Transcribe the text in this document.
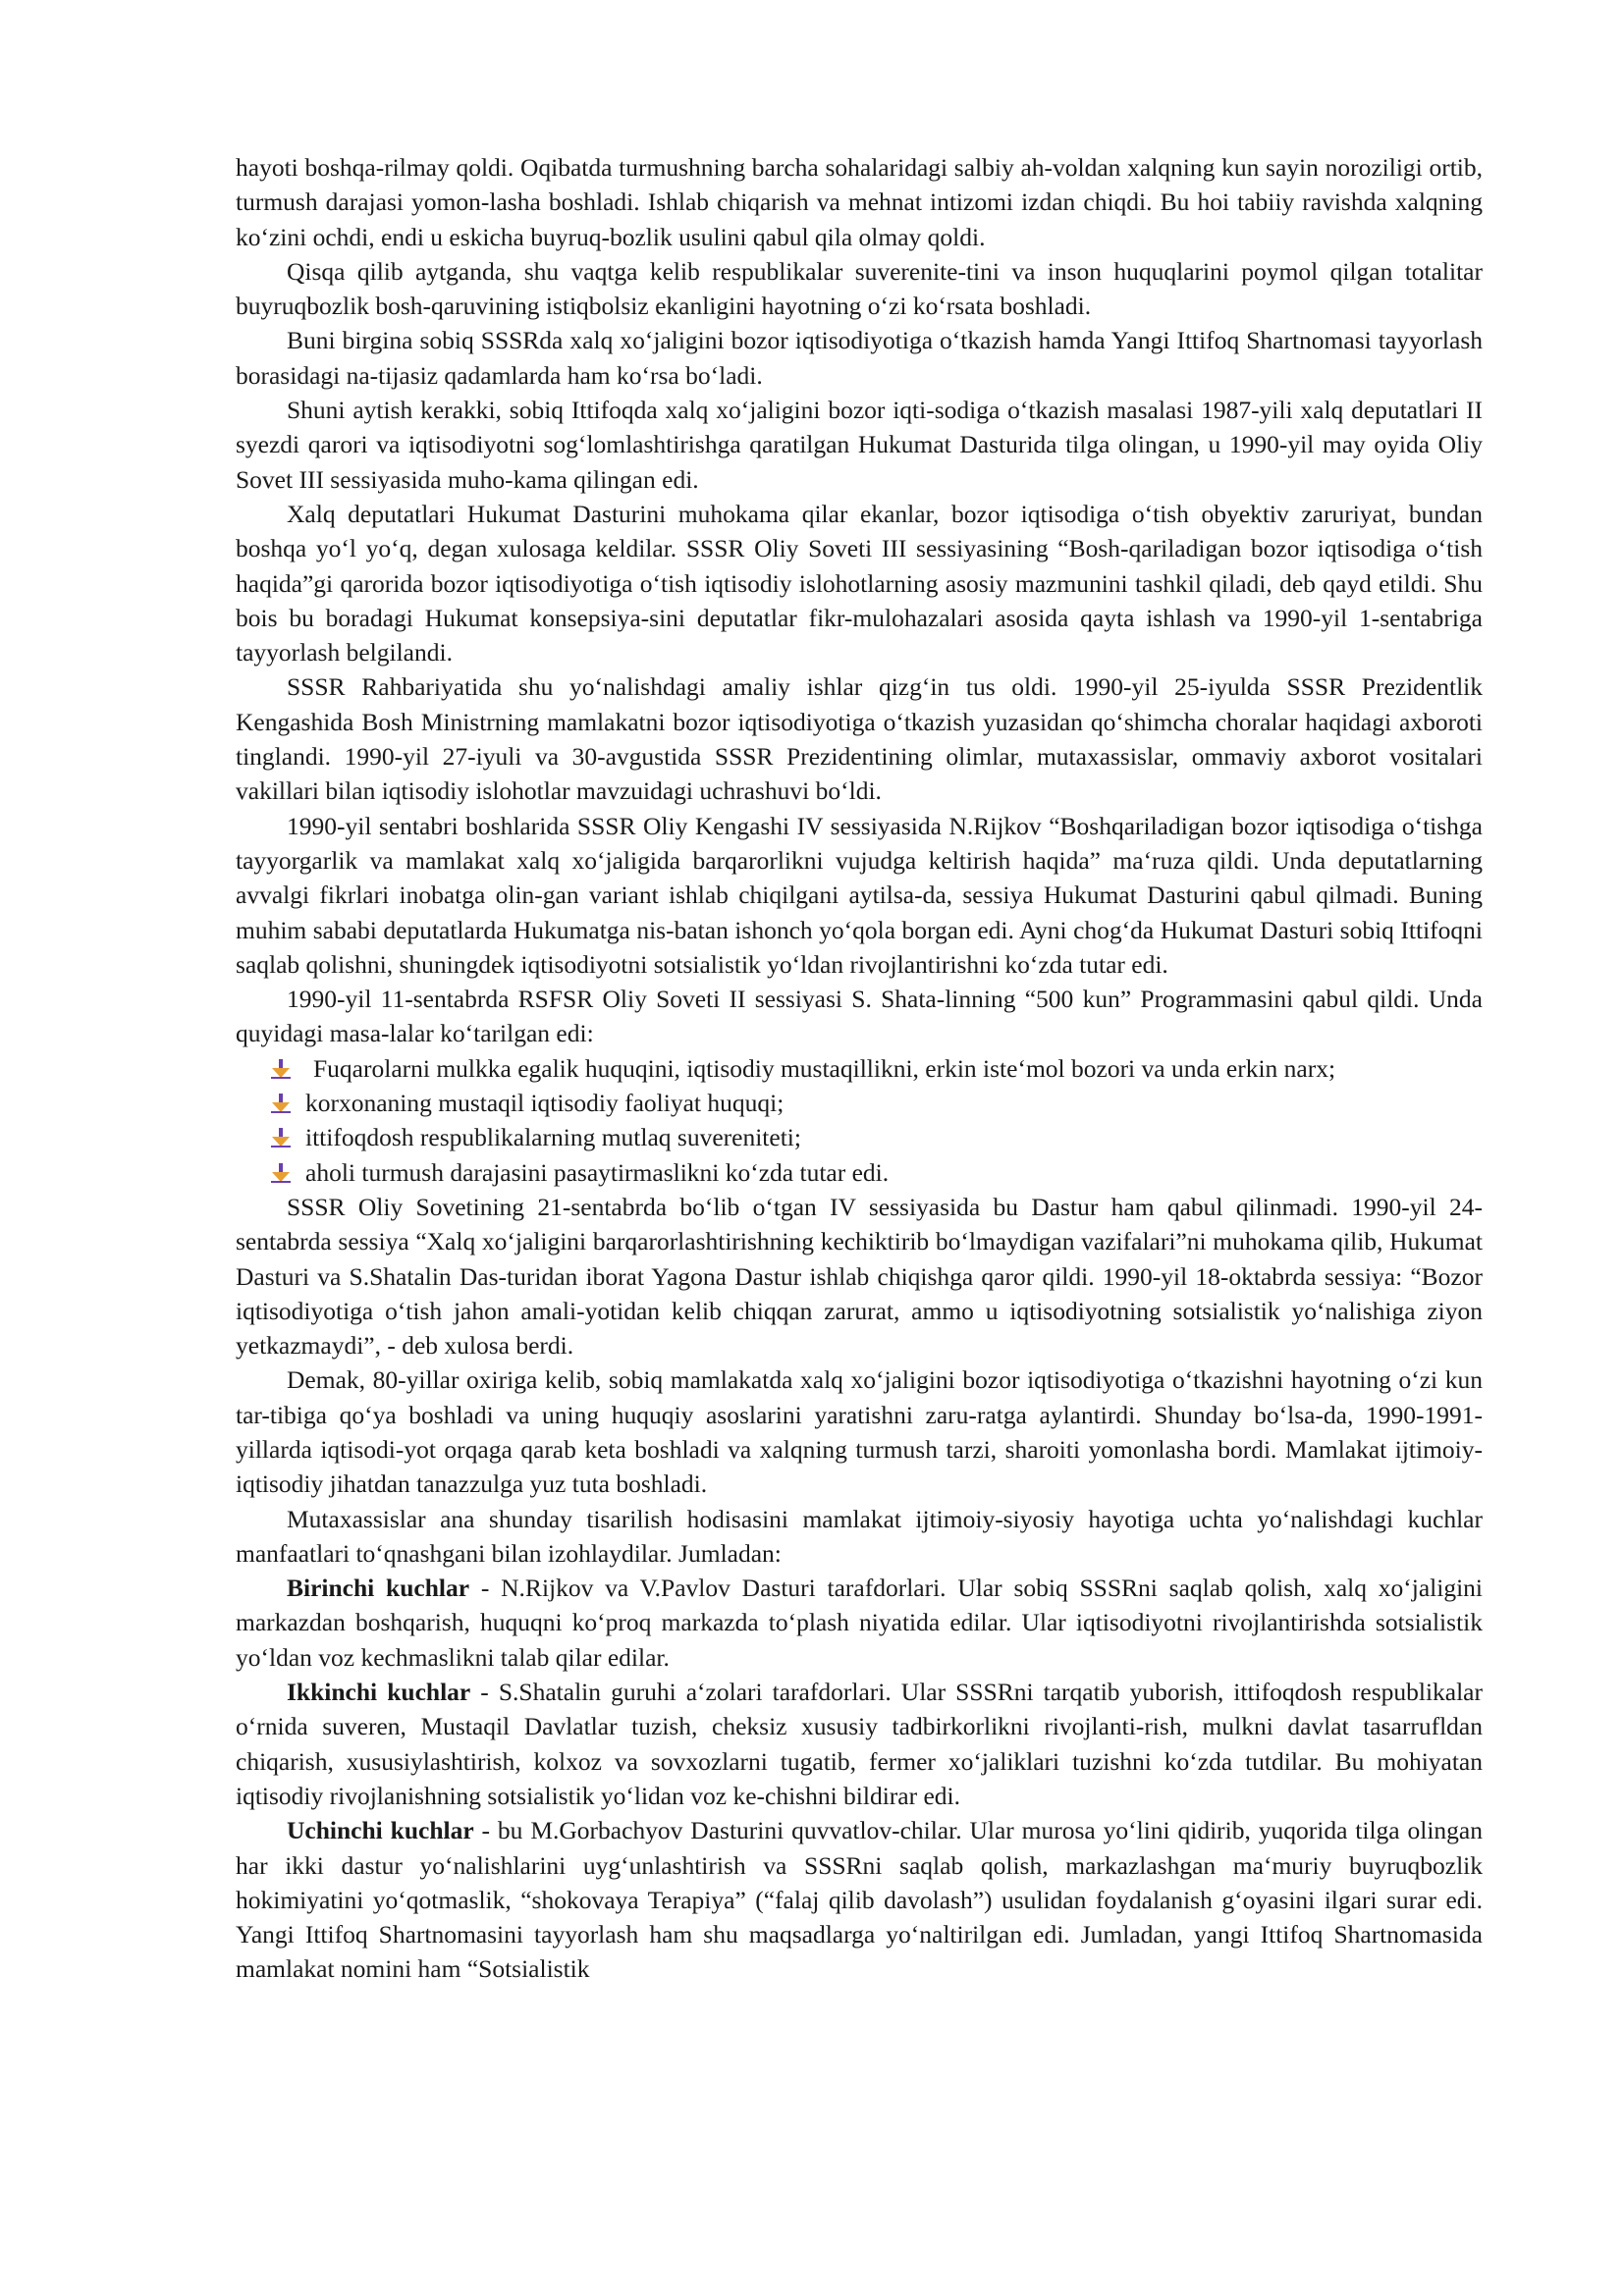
hayoti boshqa-rilmay qoldi. Oqibatda turmushning barcha sohalaridagi salbiy ah-voldan xalqning kun sayin noroziligi ortib, turmush darajasi yomon-lasha boshladi. Ishlab chiqarish va mehnat intizomi izdan chiqdi. Bu hoi tabiiy ravishda xalqning ko‘zini ochdi, endi u eskicha buyruq-bozlik usulini qabul qila olmay qoldi.

Qisqa qilib aytganda, shu vaqtga kelib respublikalar suverenite-tini va inson huquqlarini poymol qilgan totalitar buyruqbozlik bosh-qaruvining istiqbolsiz ekanligini hayotning o‘zi ko‘rsata boshladi.

Buni birgina sobiq SSSRda xalq xo‘jaligini bozor iqtisodiyotiga o‘tkazish hamda Yangi Ittifoq Shartnomasi tayyorlash borasidagi na-tijasiz qadamlarda ham ko‘rsa bo‘ladi.

Shuni aytish kerakki, sobiq Ittifoqda xalq xo‘jaligini bozor iqti-sodiga o‘tkazish masalasi 1987-yili xalq deputatlari II syezdi qarori va iqtisodiyotni sog‘lomlashtirishga qaratilgan Hukumat Dasturida tilga olingan, u 1990-yil may oyida Oliy Sovet III sessiyasida muho-kama qilingan edi.

Xalq deputatlari Hukumat Dasturini muhokama qilar ekanlar, bozor iqtisodiga o‘tish obyektiv zaruriyat, bundan boshqa yo‘l yo‘q, degan xulosaga keldilar. SSSR Oliy Soveti III sessiyasining “Bosh-qariladigan bozor iqtisodiga o‘tish haqida”gi qarorida bozor iqtisodiyotiga o‘tish iqtisodiy islohotlarning asosiy mazmunini tashkil qiladi, deb qayd etildi. Shu bois bu boradagi Hukumat konsepsiya-sini deputatlar fikr-mulohazalari asosida qayta ishlash va 1990-yil 1-sentabriga tayyorlash belgilandi.

SSSR Rahbariyatida shu yo‘nalishdagi amaliy ishlar qizg‘in tus oldi. 1990-yil 25-iyulda SSSR Prezidentlik Kengashida Bosh Ministrning mamlakatni bozor iqtisodiyotiga o‘tkazish yuzasidan qo‘shimcha choralar haqidagi axboroti tinglandi. 1990-yil 27-iyuli va 30-avgustida SSSR Prezidentining olimlar, mutaxassislar, ommaviy axborot vositalari vakillari bilan iqtisodiy islohotlar mavzuidagi uchrashuvi bo‘ldi.

1990-yil sentabri boshlarida SSSR Oliy Kengashi IV sessiyasida N.Rijkov “Boshqariladigan bozor iqtisodiga o‘tishga tayyorgarlik va mamlakat xalq xo‘jaligida barqarorlikni vujudga keltirish haqida” ma‘ruza qildi. Unda deputatlarning avvalgi fikrlari inobatga olin-gan variant ishlab chiqilgani aytilsa-da, sessiya Hukumat Dasturini qabul qilmadi. Buning muhim sababi deputatlarda Hukumatga nis-batan ishonch yo‘qola borgan edi. Ayni chog‘da Hukumat Dasturi sobiq Ittifoqni saqlab qolishni, shuningdek iqtisodiyotni sotsialistik yo‘ldan rivojlantirishni ko‘zda tutar edi.

1990-yil 11-sentabrda RSFSR Oliy Soveti II sessiyasi S. Shata-linning “500 kun” Programmasini qabul qildi. Unda quyidagi masa-lalar ko‘tarilgan edi:

Fuqarolarni mulkka egalik huquqini, iqtisodiy mustaqillikni, erkin iste‘mol bozori va unda erkin narx;
korxonaning mustaqil iqtisodiy faoliyat huquqi;
ittifoqdosh respublikalarning mutlaq suvereniteti;
aholi turmush darajasini pasaytirmaslikni ko‘zda tutar edi.

SSSR Oliy Sovetining 21-sentabrda bo‘lib o‘tgan IV sessiyasida bu Dastur ham qabul qilinmadi. 1990-yil 24-sentabrda sessiya “Xalq xo‘jaligini barqarorlashtirishning kechiktirib bo‘lmaydigan vazifalari”ni muhokama qilib, Hukumat Dasturi va S.Shatalin Das-turidan iborat Yagona Dastur ishlab chiqishga qaror qildi. 1990-yil 18-oktabrda sessiya: “Bozor iqtisodiyotiga o‘tish jahon amali-yotidan kelib chiqqan zarurat, ammo u iqtisodiyotning sotsialistik yo‘nalishiga ziyon yetkazmaydi”, - deb xulosa berdi.

Demak, 80-yillar oxiriga kelib, sobiq mamlakatda xalq xo‘jaligini bozor iqtisodiyotiga o‘tkazishni hayotning o‘zi kun tar-tibiga qo‘ya boshladi va uning huquqiy asoslarini yaratishni zaru-ratga aylantirdi. Shunday bo‘lsa-da, 1990-1991-yillarda iqtisodi-yot orqaga qarab keta boshladi va xalqning turmush tarzi, sharoiti yomonlasha bordi. Mamlakat ijtimoiy-iqtisodiy jihatdan tanazzulga yuz tuta boshladi.

Mutaxassislar ana shunday tisarilish hodisasini mamlakat ijtimoiy-siyosiy hayotiga uchta yo‘nalishdagi kuchlar manfaatlari to‘qnashgani bilan izohlaydilar. Jumladan:

Birinchi kuchlar - N.Rijkov va V.Pavlov Dasturi tarafdorlari. Ular sobiq SSSRni saqlab qolish, xalq xo‘jaligini markazdan boshqarish, huquqni ko‘proq markazda to‘plash niyatida edilar. Ular iqtisodiyotni rivojlantirishda sotsialistik yo‘ldan voz kechmaslikni talab qilar edilar.

Ikkinchi kuchlar - S.Shatalin guruhi a‘zolari tarafdorlari. Ular SSSRni tarqatib yuborish, ittifoqdosh respublikalar o‘rnida suveren, Mustaqil Davlatlar tuzish, cheksiz xususiy tadbirkorlikni rivojlanti-rish, mulkni davlat tasarrufldan chiqarish, xususiylashtirish, kolxoz va sovxozlarni tugatib, fermer xo‘jaliklari tuzishni ko‘zda tutdilar. Bu mohiyatan iqtisodiy rivojlanishning sotsialistik yo‘lidan voz ke-chishni bildirar edi.

Uchinchi kuchlar - bu M.Gorbachyov Dasturini quvvatlov-chilar. Ular murosa yo‘lini qidirib, yuqorida tilga olingan har ikki dastur yo‘nalishlarini uyg‘unlashtirish va SSSRni saqlab qolish, markazlashgan ma‘muriy buyruqbozlik hokimiyatini yo‘qotmaslik, “shokovaya Terapiya” (“falaj qilib davolash”) usulidan foydalanish g‘oyasini ilgari surar edi. Yangi Ittifoq Shartnomasini tayyorlash ham shu maqsadlarga yo‘naltirilgan edi. Jumladan, yangi Ittifoq Shartnomasida mamlakat nomini ham “Sotsialistik
